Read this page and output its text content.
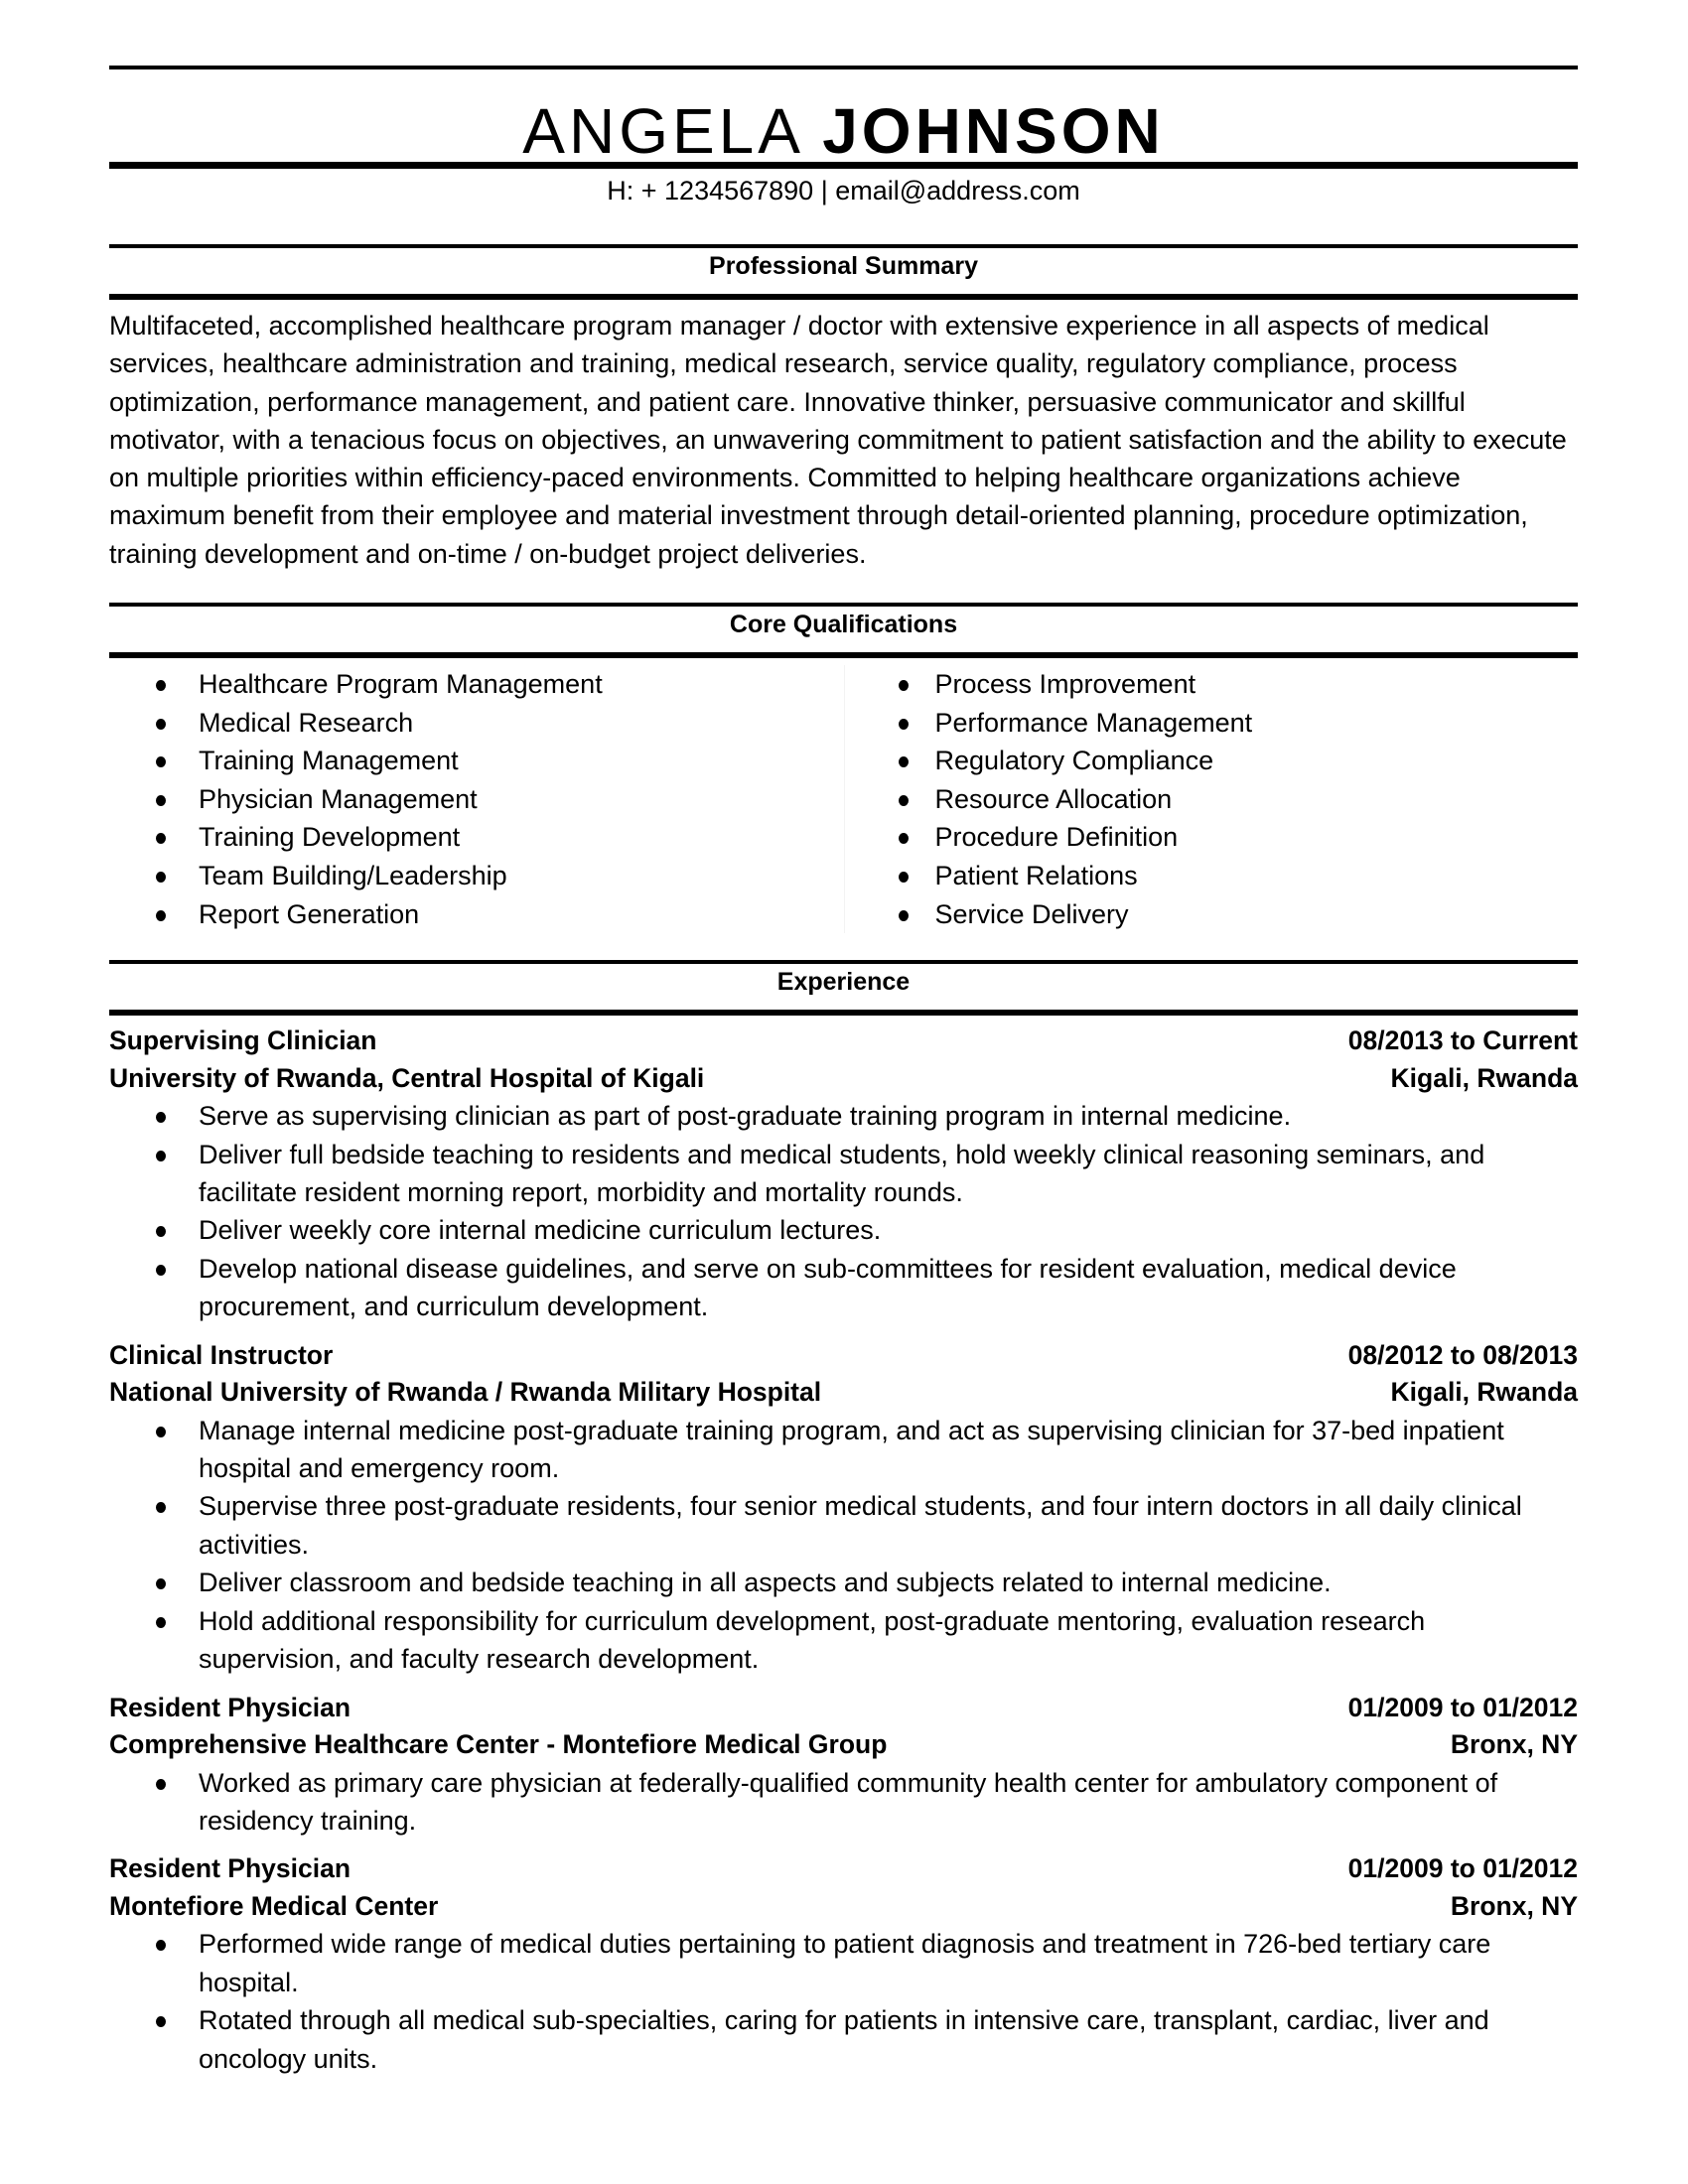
ANGELA JOHNSON
H: + 1234567890 | email@address.com
Professional Summary
Multifaceted, accomplished healthcare program manager / doctor with extensive experience in all aspects of medical services, healthcare administration and training, medical research, service quality, regulatory compliance, process optimization, performance management, and patient care. Innovative thinker, persuasive communicator and skillful motivator, with a tenacious focus on objectives, an unwavering commitment to patient satisfaction and the ability to execute on multiple priorities within efficiency-paced environments. Committed to helping healthcare organizations achieve maximum benefit from their employee and material investment through detail-oriented planning, procedure optimization, training development and on-time / on-budget project deliveries.
Core Qualifications
Healthcare Program Management
Medical Research
Training Management
Physician Management
Training Development
Team Building/Leadership
Report Generation
Process Improvement
Performance Management
Regulatory Compliance
Resource Allocation
Procedure Definition
Patient Relations
Service Delivery
Experience
Supervising Clinician	08/2013 to Current
University of Rwanda, Central Hospital of Kigali	Kigali, Rwanda
Serve as supervising clinician as part of post-graduate training program in internal medicine.
Deliver full bedside teaching to residents and medical students, hold weekly clinical reasoning seminars, and facilitate resident morning report, morbidity and mortality rounds.
Deliver weekly core internal medicine curriculum lectures.
Develop national disease guidelines, and serve on sub-committees for resident evaluation, medical device procurement, and curriculum development.
Clinical Instructor	08/2012 to 08/2013
National University of Rwanda / Rwanda Military Hospital	Kigali, Rwanda
Manage internal medicine post-graduate training program, and act as supervising clinician for 37-bed inpatient hospital and emergency room.
Supervise three post-graduate residents, four senior medical students, and four intern doctors in all daily clinical activities.
Deliver classroom and bedside teaching in all aspects and subjects related to internal medicine.
Hold additional responsibility for curriculum development, post-graduate mentoring, evaluation research supervision, and faculty research development.
Resident Physician	01/2009 to 01/2012
Comprehensive Healthcare Center - Montefiore Medical Group	Bronx, NY
Worked as primary care physician at federally-qualified community health center for ambulatory component of residency training.
Resident Physician	01/2009 to 01/2012
Montefiore Medical Center	Bronx, NY
Performed wide range of medical duties pertaining to patient diagnosis and treatment in 726-bed tertiary care hospital.
Rotated through all medical sub-specialties, caring for patients in intensive care, transplant, cardiac, liver and oncology units.
